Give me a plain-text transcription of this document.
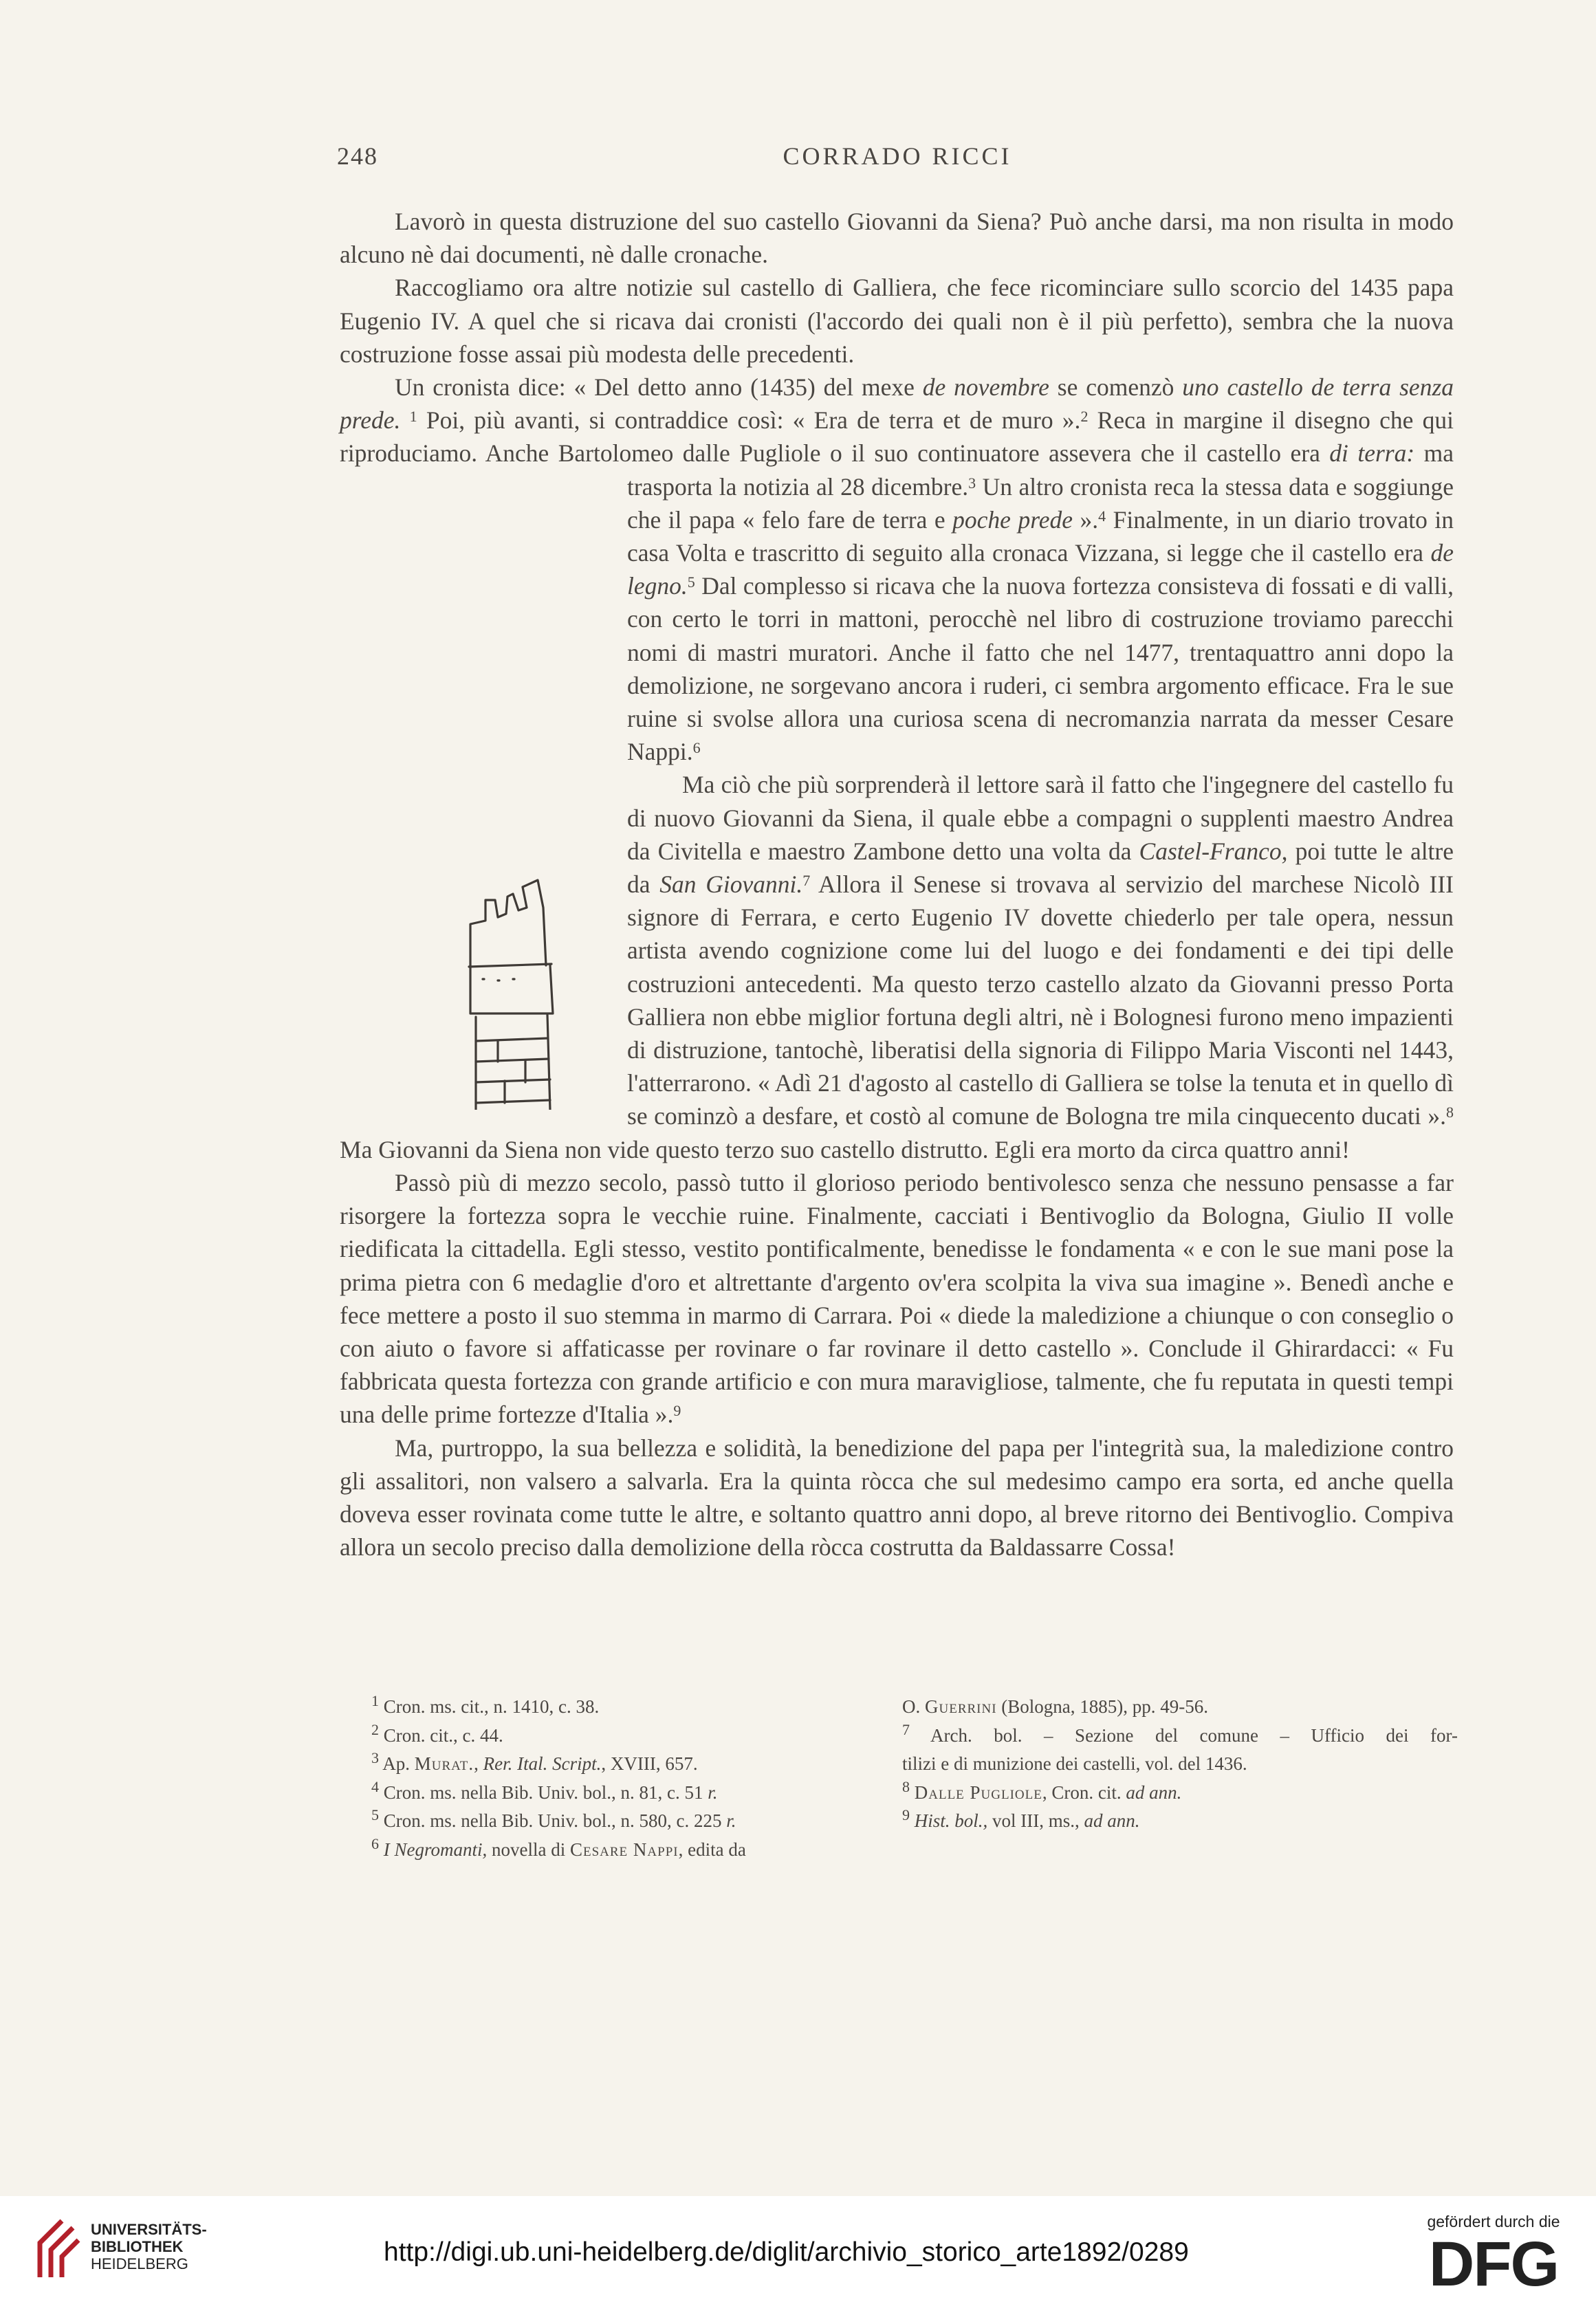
248	CORRADO RICCI

Lavorò in questa distruzione del suo castello Giovanni da Siena? Può anche darsi, ma non risulta in modo alcuno nè dai documenti, nè dalle cronache.

Raccogliamo ora altre notizie sul castello di Galliera, che fece ricominciare sullo scorcio del 1435 papa Eugenio IV. A quel che si ricava dai cronisti (l'accordo dei quali non è il più perfetto), sembra che la nuova costruzione fosse assai più modesta delle precedenti.

Un cronista dice: « Del detto anno (1435) del mexe de novembre se comenzò uno castello de terra senza prede. $^1$ Poi, più avanti, si contraddice così: « Era de terra et de muro ».$^2$ Reca in margine il disegno che qui riproduciamo. Anche Bartolomeo dalle Pugliole o il suo continuatore assevera che il castello era
di terra: ma trasporta la notizia al 28 dicembre.$^3$ Un altro cronista reca la stessa data e soggiunge che il papa « felo fare de terra e poche prede ».$^4$ Finalmente, in un diario trovato in casa Volta e trascritto di seguito alla cronaca Vizzana, si legge che il castello era de legno.$^5$ Dal complesso si ricava che la nuova fortezza consisteva di fossati e di valli, con certo le torri in mattoni, perocchè nel libro di costruzione troviamo parecchi nomi di mastri muratori. Anche il fatto che nel 1477, trentaquattro anni dopo la demolizione, ne sorgevano ancora i ruderi, ci sembra argomento efficace. Fra le sue ruine si svolse allora una curiosa scena di necromanzia narrata da messer Cesare Nappi.$^6$

Ma ciò che più sorprenderà il lettore sarà il fatto che l'ingegnere del castello fu di nuovo Giovanni da Siena, il quale ebbe a compagni o supplenti maestro Andrea da Civitella e maestro Zambone detto una volta da Castel-Franco, poi tutte le altre da San Giovanni.$^7$ Allora il Senese si trovava al servizio del marchese Nicolò III signore di Ferrara, e certo Eugenio IV dovette chiederlo per tale opera, nessun artista avendo cognizione come lui del luogo e dei fondamenti e dei tipi delle costruzioni antecedenti. Ma questo terzo castello alzato da Giovanni presso Porta Galliera non ebbe miglior fortuna degli altri, nè i Bolognesi furono meno impazienti di distruzione, tantochè, liberatisi della signoria di Filippo Maria Visconti nel 1443, l'atterrarono. « Adì 21 d'agosto al castello di Galliera se tolse la tenuta et in quello dì se cominzò a desfare, et costò al comune de Bologna tre mila cinquecento ducati ».$^8$ Ma Giovanni da Siena non vide questo terzo suo castello distrutto. Egli era morto da circa quattro anni!

Passò più di mezzo secolo, passò tutto il glorioso periodo bentivolesco senza che nessuno pensasse a far risorgere la fortezza sopra le vecchie ruine. Finalmente, cacciati i Bentivoglio da Bologna, Giulio II volle riedificata la cittadella. Egli stesso, vestito pontificalmente, benedisse le fondamenta « e con le sue mani pose la prima pietra con 6 medaglie d'oro et altrettante d'argento ov'era scolpita la viva sua imagine ». Benedì anche e fece mettere a posto il suo stemma in marmo di Carrara. Poi « diede la maledizione a chiunque o con conseglio o con aiuto o favore si affaticasse per rovinare o far rovinare il detto castello ». Conclude il Ghirardacci: « Fu fabbricata questa fortezza con grande artificio e con mura maravigliose, talmente, che fu reputata in questi tempi una delle prime fortezze d'Italia ».$^9$

Ma, purtroppo, la sua bellezza e solidità, la benedizione del papa per l'integrità sua, la maledizione contro gli assalitori, non valsero a salvarla. Era la quinta ròcca che sul medesimo campo era sorta, ed anche quella doveva esser rovinata come tutte le altre, e soltanto quattro anni dopo, al breve ritorno dei Bentivoglio. Compiva allora un secolo preciso dalla demolizione della ròcca costrutta da Baldassarre Cossa!

$^1$ Cron. ms. cit., n. 1410, c. 38.
$^2$ Cron. cit., c. 44.
$^3$ Ap. Murat., Rer. Ital. Script., XVIII, 657.
$^4$ Cron. ms. nella Bib. Univ. bol., n. 81, c. 51 r.
$^5$ Cron. ms. nella Bib. Univ. bol., n. 580, c. 225 r.
$^6$ I Negromanti, novella di Cesare Nappi, edita da
O. Guerrini (Bologna, 1885), pp. 49-56.
$^7$ Arch. bol. – Sezione del comune – Ufficio dei for-
tilizi e di munizione dei castelli, vol. del 1436.
$^8$ Dalle Pugliole, Cron. cit. ad ann.
$^9$ Hist. bol., vol III, ms., ad ann.
UNIVERSITÄTS-
BIBLIOTHEK
HEIDELBERG	http://digi.ub.uni-heidelberg.de/diglit/archivio_storico_arte1892/0289
gefördert durch die
DFG
